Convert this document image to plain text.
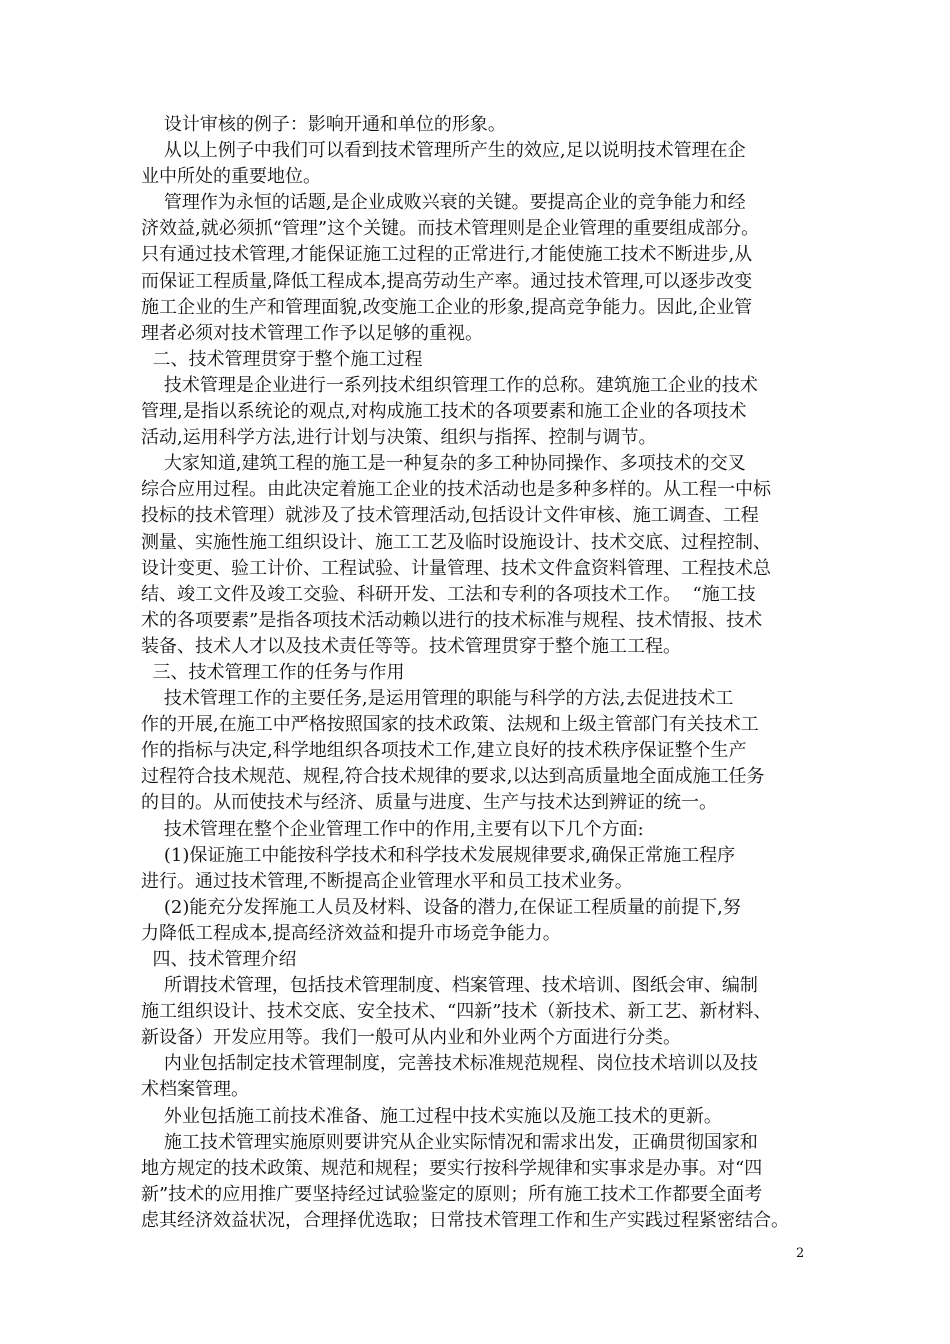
设计审核的例子：影响开通和单位的形象。
从以上例子中我们可以看到技术管理所产生的效应,足以说明技术管理在企
业中所处的重要地位。
管理作为永恒的话题,是企业成败兴衰的关键。要提高企业的竞争能力和经
济效益,就必须抓“管理”这个关键。而技术管理则是企业管理的重要组成部分。
只有通过技术管理,才能保证施工过程的正常进行,才能使施工技术不断进步,从
而保证工程质量,降低工程成本,提高劳动生产率。通过技术管理,可以逐步改变
施工企业的生产和管理面貌,改变施工企业的形象,提高竞争能力。因此,企业管
理者必须对技术管理工作予以足够的重视。
二、技术管理贯穿于整个施工过程
技术管理是企业进行一系列技术组织管理工作的总称。建筑施工企业的技术
管理,是指以系统论的观点,对构成施工技术的各项要素和施工企业的各项技术
活动,运用科学方法,进行计划与决策、组织与指挥、控制与调节。
大家知道,建筑工程的施工是一种复杂的多工种协同操作、多项技术的交叉
综合应用过程。由此决定着施工企业的技术活动也是多种多样的。从工程一中标
投标的技术管理）就涉及了技术管理活动,包括设计文件审核、施工调查、工程
测量、实施性施工组织设计、施工工艺及临时设施设计、技术交底、过程控制、
设计变更、验工计价、工程试验、计量管理、技术文件盒资料管理、工程技术总
结、竣工文件及竣工交验、科研开发、工法和专利的各项技术工作。  “施工技
术的各项要素”是指各项技术活动赖以进行的技术标准与规程、技术情报、技术
装备、技术人才以及技术责任等等。技术管理贯穿于整个施工工程。
三、技术管理工作的任务与作用
技术管理工作的主要任务,是运用管理的职能与科学的方法,去促进技术工
作的开展,在施工中严格按照国家的技术政策、法规和上级主管部门有关技术工
作的指标与决定,科学地组织各项技术工作,建立良好的技术秩序保证整个生产
过程符合技术规范、规程,符合技术规律的要求,以达到高质量地全面成施工任务
的目的。从而使技术与经济、质量与进度、生产与技术达到辨证的统一。
技术管理在整个企业管理工作中的作用,主要有以下几个方面:
(1)保证施工中能按科学技术和科学技术发展规律要求,确保正常施工程序
进行。通过技术管理,不断提高企业管理水平和员工技术业务。
(2)能充分发挥施工人员及材料、设备的潜力,在保证工程质量的前提下,努
力降低工程成本,提高经济效益和提升市场竞争能力。
四、技术管理介绍
所谓技术管理，包括技术管理制度、档案管理、技术培训、图纸会审、编制
施工组织设计、技术交底、安全技术、“四新”技术（新技术、新工艺、新材料、
新设备）开发应用等。我们一般可从内业和外业两个方面进行分类。
内业包括制定技术管理制度，完善技术标准规范规程、岗位技术培训以及技
术档案管理。
外业包括施工前技术准备、施工过程中技术实施以及施工技术的更新。
施工技术管理实施原则要讲究从企业实际情况和需求出发，正确贯彻国家和
地方规定的技术政策、规范和规程；要实行按科学规律和实事求是办事。对“四
新”技术的应用推广要坚持经过试验鉴定的原则；所有施工技术工作都要全面考
虑其经济效益状况，合理择优选取；日常技术管理工作和生产实践过程紧密结合。
2
